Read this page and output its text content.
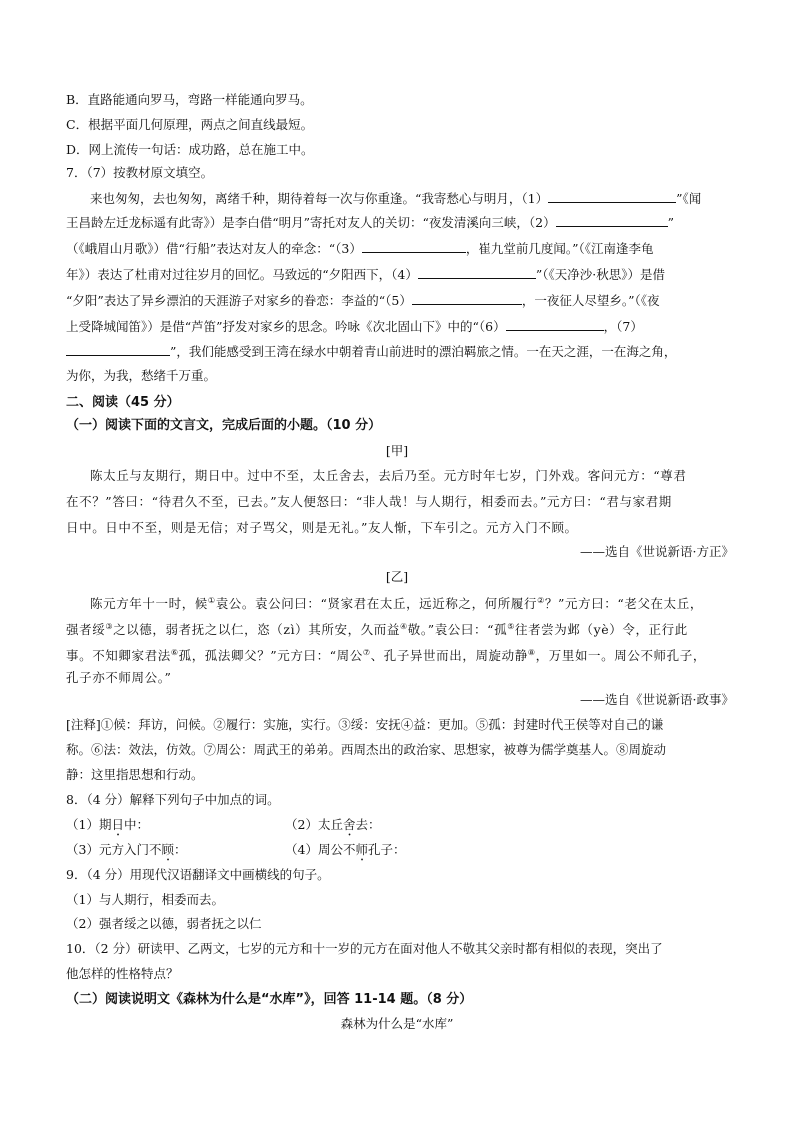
B．直路能通向罗马，弯路一样能通向罗马。
C．根据平面几何原理，两点之间直线最短。
D．网上流传一句话：成功路，总在施工中。
7．（7）按教材原文填空。
来也匆匆，去也匆匆，离绪千种，期待着每一次与你重逢。“我寄愁心与明月，（1）	”《闻
王昌龄左迁龙标遥有此寄》）是李白借“明月”寄托对友人的关切：“夜发清溪向三峡，（2）	”
（《峨眉山月歌》）借“行船”表达对友人的牵念：“（3）	，崔九堂前几度闻。”（《江南逢李龟
年》）表达了杜甫对过往岁月的回忆。马致远的“夕阳西下，（4）	”（《天净沙·秋思》）是借
“夕阳”表达了异乡漂泊的天涯游子对家乡的眷恋：李益的“（5）	，一夜征人尽望乡。”（《夜
上受降城闻笛》）是借“芦笛”抒发对家乡的思念。吟咏《次北固山下》中的“（6）	，（7）
”，我们能感受到王湾在绿水中朝着青山前进时的漂泊羁旅之情。一在天之涯，一在海之角，
为你，为我，愁绪千万重。
二、阅读（45 分）
（一）阅读下面的文言文，完成后面的小题。（10 分）
[甲]
陈太丘与友期行，期日中。过中不至，太丘舍去，去后乃至。元方时年七岁，门外戏。客问元方：“尊君
在不？”答曰：“待君久不至，已去。”友人便怒曰：“非人哉！与人期行，相委而去。”元方曰：“君与家君期
日中。日中不至，则是无信；对子骂父，则是无礼。”友人惭，下车引之。元方入门不顾。
——选自《世说新语·方正》
[乙]
陈元方年十一时，候①袁公。袁公问曰：“贤家君在太丘，远近称之，何所履行②？”元方曰：“老父在太丘，
强者绥③之以德，弱者抚之以仁，恣（zì）其所安，久而益④敬。”袁公曰：“孤⑤往者尝为邺（yè）令，正行此
事。不知卿家君法⑥孤，孤法卿父？”元方曰：“周公⑦、孔子异世而出，周旋动静⑧，万里如一。周公不师孔子，
孔子亦不师周公。”
——选自《世说新语·政事》
[注释]①候：拜访，问候。②履行：实施，实行。③绥：安抚④益：更加。⑤孤：封建时代王侯等对自己的谦
称。⑥法：效法，仿效。⑦周公：周武王的弟弟。西周杰出的政治家、思想家，被尊为儒学奠基人。⑧周旋动
静：这里指思想和行动。
8．（4 分）解释下列句子中加点的词。
（1）期日中：	（2）太丘舍去：
（3）元方入门不顾：	（4）周公不师孔子：
9．（4 分）用现代汉语翻译文中画横线的句子。
（1）与人期行，相委而去。
（2）强者绥之以德，弱者抚之以仁
10．（2 分）研读甲、乙两文，七岁的元方和十一岁的元方在面对他人不敬其父亲时都有相似的表现，突出了
他怎样的性格特点？
（二）阅读说明文《森林为什么是“水库”》，回答 11-14 题。（8 分）
森林为什么是“水库”
